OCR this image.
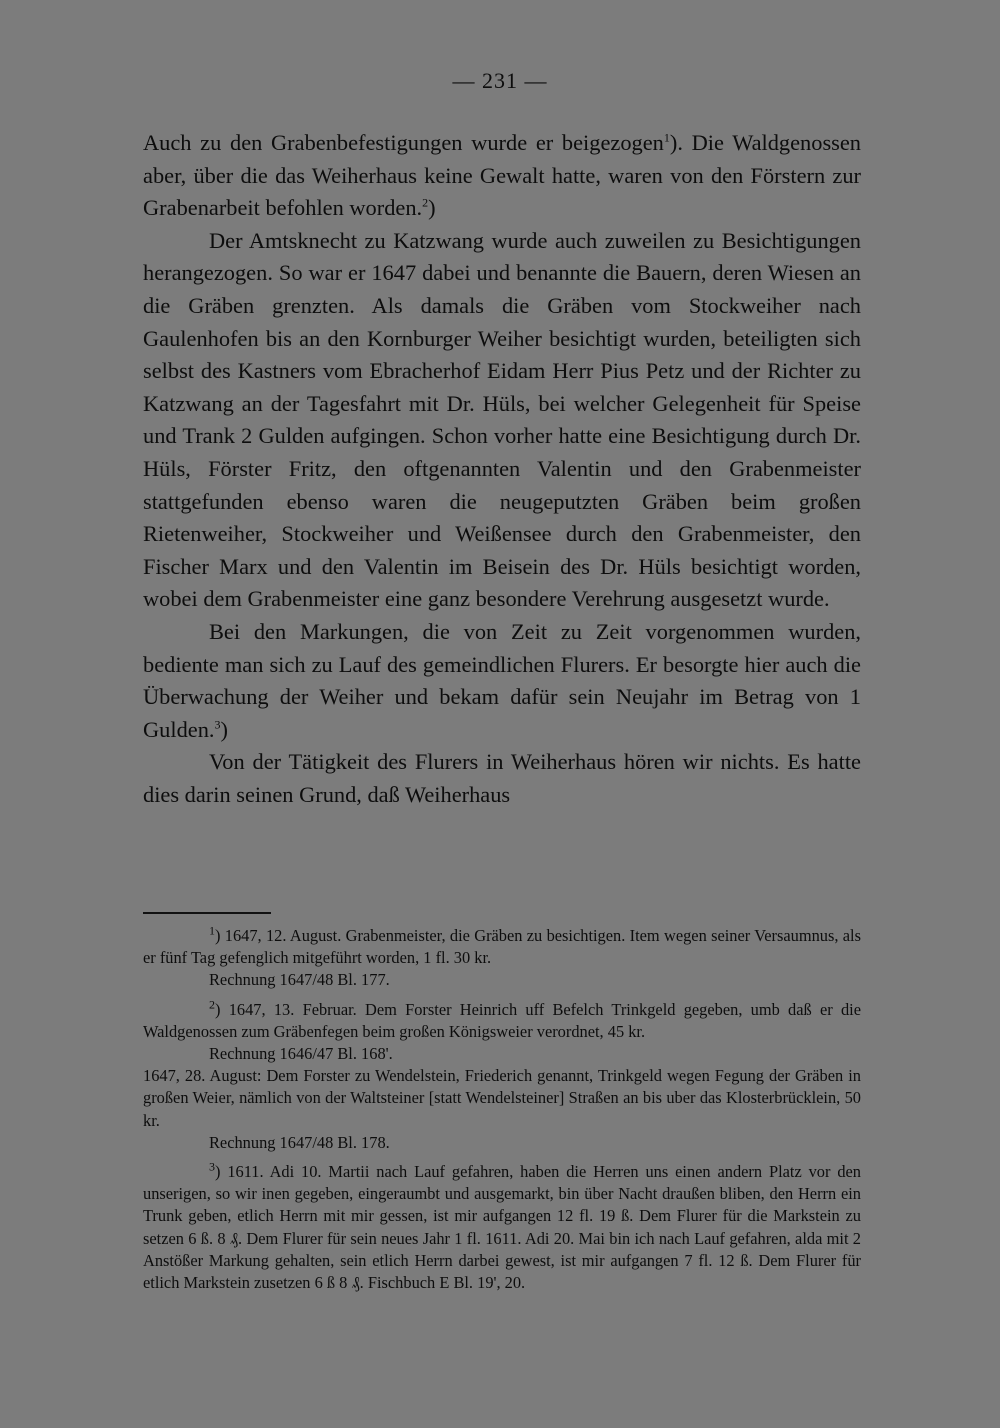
— 231 —

Auch zu den Grabenbefestigungen wurde er beigezogen$^1$). Die Waldgenossen aber, über die das Weiherhaus keine Gewalt hatte, waren von den Förstern zur Grabenarbeit befohlen worden.$^2$)

Der Amtsknecht zu Katzwang wurde auch zuweilen zu Besichtigungen herangezogen. So war er 1647 dabei und benannte die Bauern, deren Wiesen an die Gräben grenzten. Als damals die Gräben vom Stockweiher nach Gaulenhofen bis an den Kornburger Weiher besichtigt wurden, beteiligten sich selbst des Kastners vom Ebracherhof Eidam Herr Pius Petz und der Richter zu Katzwang an der Tagesfahrt mit Dr. Hüls, bei welcher Gelegenheit für Speise und Trank 2 Gulden aufgingen. Schon vorher hatte eine Besichtigung durch Dr. Hüls, Förster Fritz, den oftgenannten Valentin und den Grabenmeister stattgefunden ebenso waren die neugeputzten Gräben beim großen Rietenweiher, Stockweiher und Weißensee durch den Grabenmeister, den Fischer Marx und den Valentin im Beisein des Dr. Hüls besichtigt worden, wobei dem Grabenmeister eine ganz besondere Verehrung ausgesetzt wurde.

Bei den Markungen, die von Zeit zu Zeit vorgenommen wurden, bediente man sich zu Lauf des gemeindlichen Flurers. Er besorgte hier auch die Überwachung der Weiher und bekam dafür sein Neujahr im Betrag von 1 Gulden.$^3$)

Von der Tätigkeit des Flurers in Weiherhaus hören wir nichts. Es hatte dies darin seinen Grund, daß Weiherhaus

$^1$) 1647, 12. August. Grabenmeister, die Gräben zu besichtigen. Item wegen seiner Versaumnus, als er fünf Tag gefenglich mitgeführt worden, 1 fl. 30 kr.

Rechnung 1647/48 Bl. 177.

$^2$) 1647, 13. Februar. Dem Forster Heinrich uff Befelch Trinkgeld gegeben, umb daß er die Waldgenossen zum Gräbenfegen beim großen Königsweier verordnet, 45 kr.

Rechnung 1646/47 Bl. 168'.

1647, 28. August: Dem Forster zu Wendelstein, Friederich genannt, Trinkgeld wegen Fegung der Gräben in großen Weier, nämlich von der Waltsteiner [statt Wendelsteiner] Straßen an bis uber das Klosterbrücklein, 50 kr.

Rechnung 1647/48 Bl. 178.

$^3$) 1611. Adi 10. Martii nach Lauf gefahren, haben die Herren uns einen andern Platz vor den unserigen, so wir inen gegeben, eingeraumbt und ausgemarkt, bin über Nacht draußen bliben, den Herrn ein Trunk geben, etlich Herrn mit mir gessen, ist mir aufgangen 12 fl. 19 ß. Dem Flurer für die Markstein zu setzen 6 ß. 8 ₰. Dem Flurer für sein neues Jahr 1 fl. 1611. Adi 20. Mai bin ich nach Lauf gefahren, alda mit 2 Anstößer Markung gehalten, sein etlich Herrn darbei gewest, ist mir aufgangen 7 fl. 12 ß. Dem Flurer für etlich Markstein zusetzen 6 ß 8 ₰. Fischbuch E Bl. 19', 20.
